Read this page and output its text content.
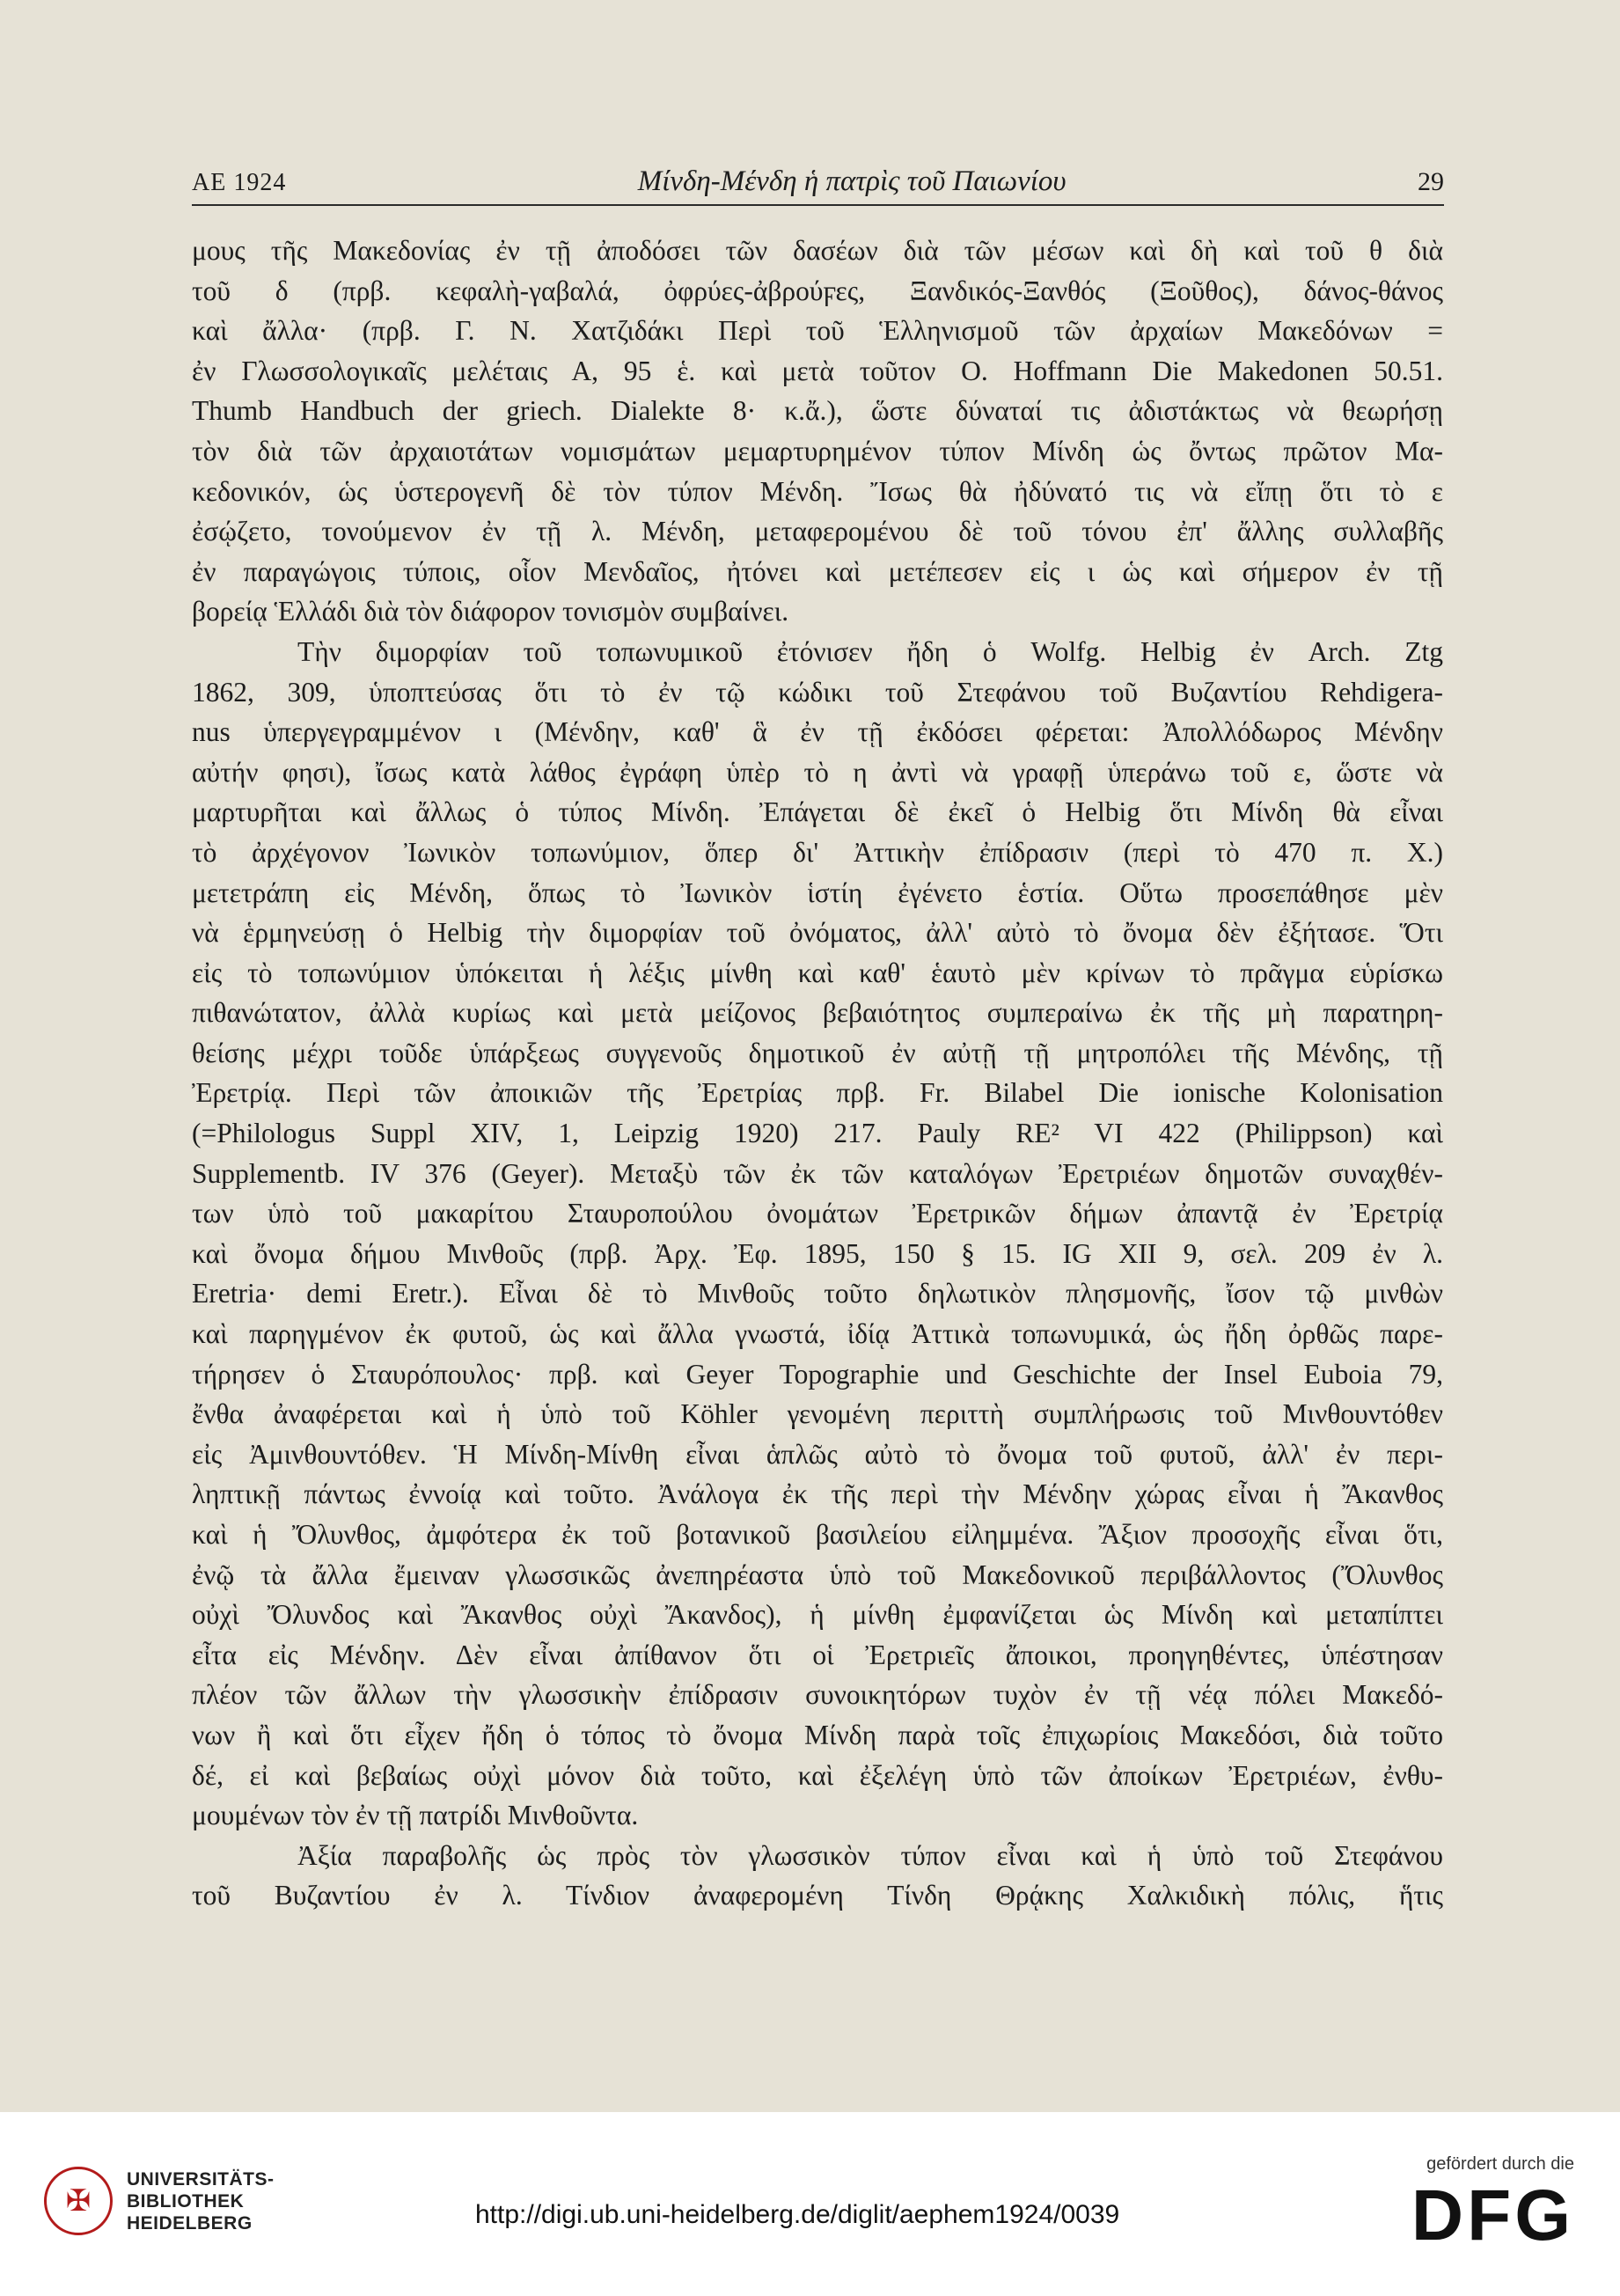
AE 1924	Μίνδη-Μένδη ἡ πατρὶς τοῦ Παιωνίου	29
μους τῆς Μακεδονίας ἐν τῇ ἀποδόσει τῶν δασέων διὰ τῶν μέσων καὶ δὴ καὶ τοῦ θ διὰ
τοῦ δ (πρβ. κεφαλὴ-γαβαλά, ὀφρύες-ἀβρούϝες, Ξανδικός-Ξανθός (Ξοῦθος), δάνος-θάνος
καὶ ἄλλα· (πρβ. Γ. Ν. Χατζιδάκι Περὶ τοῦ Ἑλληνισμοῦ τῶν ἀρχαίων Μακεδόνων =
ἐν Γλωσσολογικαῖς μελέταις Α, 95 ἑ. καὶ μετὰ τοῦτον O. Hoffmann Die Makedonen 50.51.
Thumb Handbuch der griech. Dialekte 8· κ.ἄ.), ὥστε δύναταί τις ἀδιστάκτως νὰ θεωρήσῃ
τὸν διὰ τῶν ἀρχαιοτάτων νομισμάτων μεμαρτυρημένον τύπον Μίνδη ὡς ὄντως πρῶτον Μα-
κεδονικόν, ὡς ὑστερογενῆ δὲ τὸν τύπον Μένδη. Ἴσως θὰ ἠδύνατό τις νὰ εἴπῃ ὅτι τὸ ε
ἐσῴζετο, τονούμενον ἐν τῇ λ. Μένδη, μεταφερομένου δὲ τοῦ τόνου ἐπ' ἄλλης συλλαβῆς
ἐν παραγώγοις τύποις, οἷον Μενδαῖος, ἠτόνει καὶ μετέπεσεν εἰς ι ὡς καὶ σήμερον ἐν τῇ
βορείᾳ Ἑλλάδι διὰ τὸν διάφορον τονισμὸν συμβαίνει.
Τὴν διμορφίαν τοῦ τοπωνυμικοῦ ἐτόνισεν ἤδη ὁ Wolfg. Helbig ἐν Arch. Ztg
1862, 309, ὑποπτεύσας ὅτι τὸ ἐν τῷ κώδικι τοῦ Στεφάνου τοῦ Βυζαντίου Rehdigera-
nus ὑπεργεγραμμένον ι (Μένδην, καθ' ἃ ἐν τῇ ἐκδόσει φέρεται: Ἀπολλόδωρος Μένδην
αὐτήν φησι), ἴσως κατὰ λάθος ἐγράφη ὑπὲρ τὸ η ἀντὶ νὰ γραφῇ ὑπεράνω τοῦ ε, ὥστε νὰ
μαρτυρῆται καὶ ἄλλως ὁ τύπος Μίνδη. Ἐπάγεται δὲ ἐκεῖ ὁ Helbig ὅτι Μίνδη θὰ εἶναι
τὸ ἀρχέγονον Ἰωνικὸν τοπωνύμιον, ὅπερ δι' Ἀττικὴν ἐπίδρασιν (περὶ τὸ 470 π. Χ.)
μετετράπη εἰς Μένδη, ὅπως τὸ Ἰωνικὸν ἱστίη ἐγένετο ἑστία. Οὕτω προσεπάθησε μὲν
νὰ ἑρμηνεύσῃ ὁ Helbig τὴν διμορφίαν τοῦ ὀνόματος, ἀλλ' αὐτὸ τὸ ὄνομα δὲν ἐξήτασε. Ὅτι
εἰς τὸ τοπωνύμιον ὑπόκειται ἡ λέξις μίνθη καὶ καθ' ἑαυτὸ μὲν κρίνων τὸ πρᾶγμα εὑρίσκω
πιθανώτατον, ἀλλὰ κυρίως καὶ μετὰ μείζονος βεβαιότητος συμπεραίνω ἐκ τῆς μὴ παρατηρη-
θείσης μέχρι τοῦδε ὑπάρξεως συγγενοῦς δημοτικοῦ ἐν αὐτῇ τῇ μητροπόλει τῆς Μένδης, τῇ
Ἐρετρίᾳ. Περὶ τῶν ἀποικιῶν τῆς Ἐρετρίας πρβ. Fr. Bilabel Die ionische Kolonisation
(=Philologus Suppl XIV, 1, Leipzig 1920) 217. Pauly RE² VI 422 (Philippson) καὶ
Supplementb. IV 376 (Geyer). Μεταξὺ τῶν ἐκ τῶν καταλόγων Ἐρετριέων δημοτῶν συναχθέν-
των ὑπὸ τοῦ μακαρίτου Σταυροπούλου ὀνομάτων Ἐρετρικῶν δήμων ἀπαντᾷ ἐν Ἐρετρίᾳ
καὶ ὄνομα δήμου Μινθοῦς (πρβ. Ἀρχ. Ἐφ. 1895, 150 § 15. IG XII 9, σελ. 209 ἐν λ.
Eretria· demi Eretr.). Εἶναι δὲ τὸ Μινθοῦς τοῦτο δηλωτικὸν πλησμονῆς, ἴσον τῷ μινθὼν
καὶ παρηγμένον ἐκ φυτοῦ, ὡς καὶ ἄλλα γνωστά, ἰδίᾳ Ἀττικὰ τοπωνυμικά, ὡς ἤδη ὀρθῶς παρε-
τήρησεν ὁ Σταυρόπουλος· πρβ. καὶ Geyer Topographie und Geschichte der Insel Euboia 79,
ἔνθα ἀναφέρεται καὶ ἡ ὑπὸ τοῦ Köhler γενομένη περιττὴ συμπλήρωσις τοῦ Μινθουντόθεν
εἰς Ἀμινθουντόθεν. Ἡ Μίνδη-Μίνθη εἶναι ἁπλῶς αὐτὸ τὸ ὄνομα τοῦ φυτοῦ, ἀλλ' ἐν περι-
ληπτικῇ πάντως ἐννοίᾳ καὶ τοῦτο. Ἀνάλογα ἐκ τῆς περὶ τὴν Μένδην χώρας εἶναι ἡ Ἄκανθος
καὶ ἡ Ὄλυνθος, ἀμφότερα ἐκ τοῦ βοτανικοῦ βασιλείου εἰλημμένα. Ἄξιον προσοχῆς εἶναι ὅτι,
ἐνῷ τὰ ἄλλα ἔμειναν γλωσσικῶς ἀνεπηρέαστα ὑπὸ τοῦ Μακεδονικοῦ περιβάλλοντος (Ὄλυνθος
οὐχὶ Ὄλυνδος καὶ Ἄκανθος οὐχὶ Ἄκανδος), ἡ μίνθη ἐμφανίζεται ὡς Μίνδη καὶ μεταπίπτει
εἶτα εἰς Μένδην. Δὲν εἶναι ἀπίθανον ὅτι οἱ Ἐρετριεῖς ἄποικοι, προηγηθέντες, ὑπέστησαν
πλέον τῶν ἄλλων τὴν γλωσσικὴν ἐπίδρασιν συνοικητόρων τυχὸν ἐν τῇ νέᾳ πόλει Μακεδό-
νων ἢ καὶ ὅτι εἶχεν ἤδη ὁ τόπος τὸ ὄνομα Μίνδη παρὰ τοῖς ἐπιχωρίοις Μακεδόσι, διὰ τοῦτο
δέ, εἰ καὶ βεβαίως οὐχὶ μόνον διὰ τοῦτο, καὶ ἐξελέγη ὑπὸ τῶν ἀποίκων Ἐρετριέων, ἐνθυ-
μουμένων τὸν ἐν τῇ πατρίδι Μινθοῦντα.
Ἀξία παραβολῆς ὡς πρὸς τὸν γλωσσικὸν τύπον εἶναι καὶ ἡ ὑπὸ τοῦ Στεφάνου
τοῦ Βυζαντίου ἐν λ. Τίνδιον ἀναφερομένη Τίνδη Θρᾴκης Χαλκιδικὴ πόλις, ἥτις
✠
UNIVERSITÄTS-
BIBLIOTHEK
HEIDELBERG	http://digi.ub.uni-heidelberg.de/diglit/aephem1924/0039
gefördert durch die
DFG
